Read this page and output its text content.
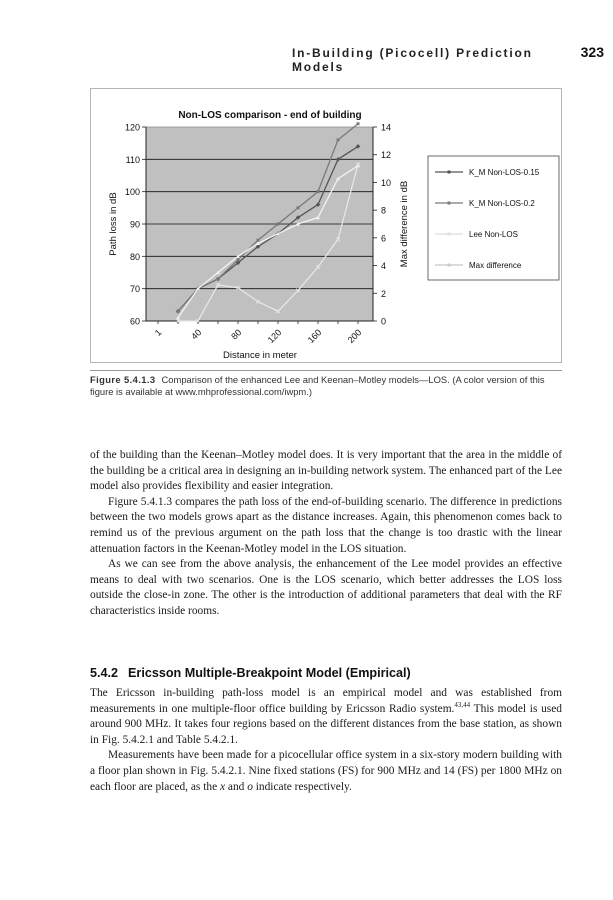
In-Building (Picocell) Prediction Models
323
60
70
80
90
100
110
120
0
2
4
6
8
10
12
14
1	40	80 120 160 200
Non-LOS comparison - end of building
Distance in meter
Path loss in dB	Max difference in dB
K_M Non-LOS-0.15
K_M Non-LOS-0.2
Lee Non-LOS
Max difference
Figure 5.4.1.3 Comparison of the enhanced Lee and Keenan–Motley models—LOS. (A color version of this figure is available at www.mhprofessional.com/iwpm.)

of the building than the Keenan–Motley model does. It is very important that the area in the middle of the building be a critical area in designing an in-building network system. The enhanced part of the Lee model also provides flexibility and easier integration.

Figure 5.4.1.3 compares the path loss of the end-of-building scenario. The difference in predictions between the two models grows apart as the distance increases. Again, this phenomenon comes back to remind us of the previous argument on the path loss that the change is too drastic with the linear attenuation factors in the Keenan-Motley model in the LOS situation.

As we can see from the above analysis, the enhancement of the Lee model provides an effective means to deal with two scenarios. One is the LOS scenario, which better addresses the LOS loss outside the close-in zone. The other is the introduction of additional parameters that deal with the RF characteristics inside rooms.

5.4.2 Ericsson Multiple-Breakpoint Model (Empirical)

The Ericsson in-building path-loss model is an empirical model and was established from measurements in one multiple-floor office building by Ericsson Radio system.$^{43,44}$ This model is used around 900 MHz. It takes four regions based on the different distances from the base station, as shown in Fig. 5.4.2.1 and Table 5.4.2.1.

Measurements have been made for a picocellular office system in a six-story modern building with a floor plan shown in Fig. 5.4.2.1. Nine fixed stations (FS) for 900 MHz and 14 (FS) per 1800 MHz on each floor are placed, as the x and o indicate respectively.
